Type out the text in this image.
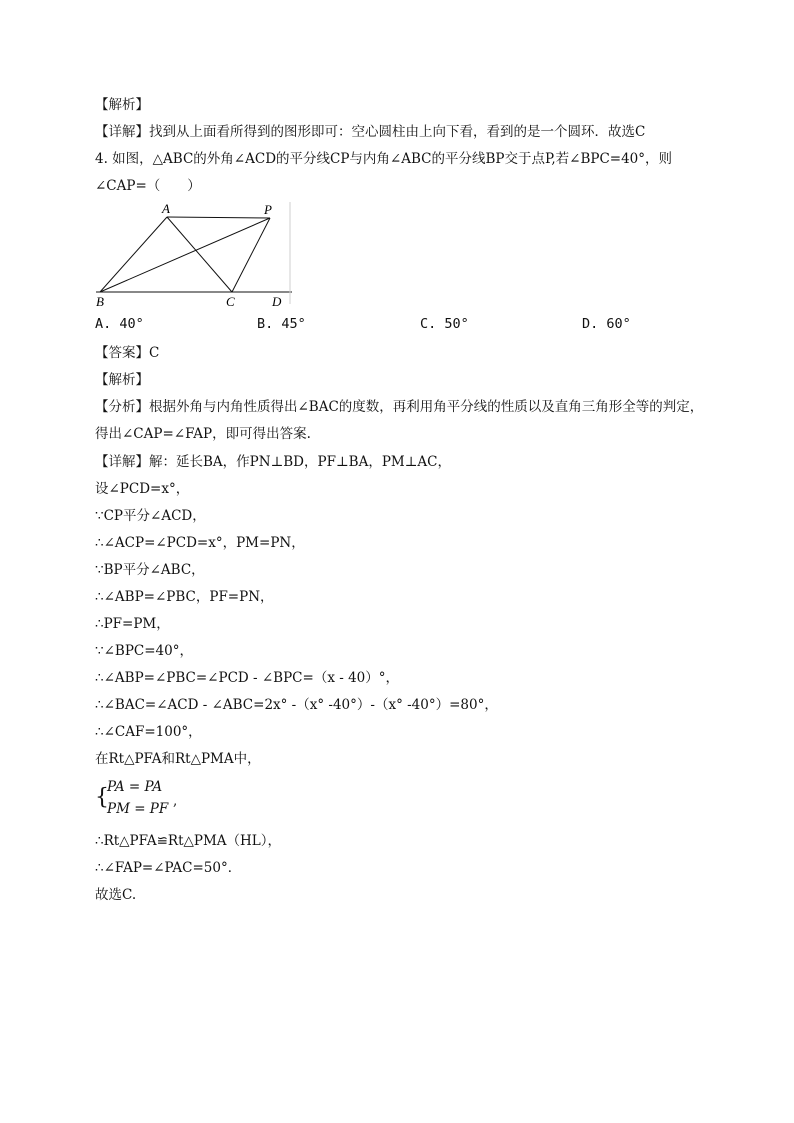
【解析】
【详解】找到从上面看所得到的图形即可：空心圆柱由上向下看，看到的是一个圆环．故选C
4. 如图，△ABC的外角∠ACD的平分线CP与内角∠ABC的平分线BP交于点P,若∠BPC=40°，则∠CAP=（　　）
A	P
B	C	D
A. 40°	B. 45°	C. 50°	D. 60°
【答案】C
【解析】
【分析】根据外角与内角性质得出∠BAC的度数，再利用角平分线的性质以及直角三角形全等的判定，得出∠CAP=∠FAP，即可得出答案.
【详解】解：延长BA，作PN⊥BD，PF⊥BA，PM⊥AC，
设∠PCD=x°，
∵CP平分∠ACD，
∴∠ACP=∠PCD=x°，PM=PN，
∵BP平分∠ABC，
∴∠ABP=∠PBC，PF=PN，
∴PF=PM，
∵∠BPC=40°，
∴∠ABP=∠PBC=∠PCD - ∠BPC=（x - 40）°，
∴∠BAC=∠ACD - ∠ABC=2x° -（x° -40°）-（x° -40°）=80°，
∴∠CAF=100°，
在Rt△PFA和Rt△PMA中，
{
PA = PA
PM = PF ,
∴Rt△PFA≌Rt△PMA（HL），
∴∠FAP=∠PAC=50°．
故选C.
